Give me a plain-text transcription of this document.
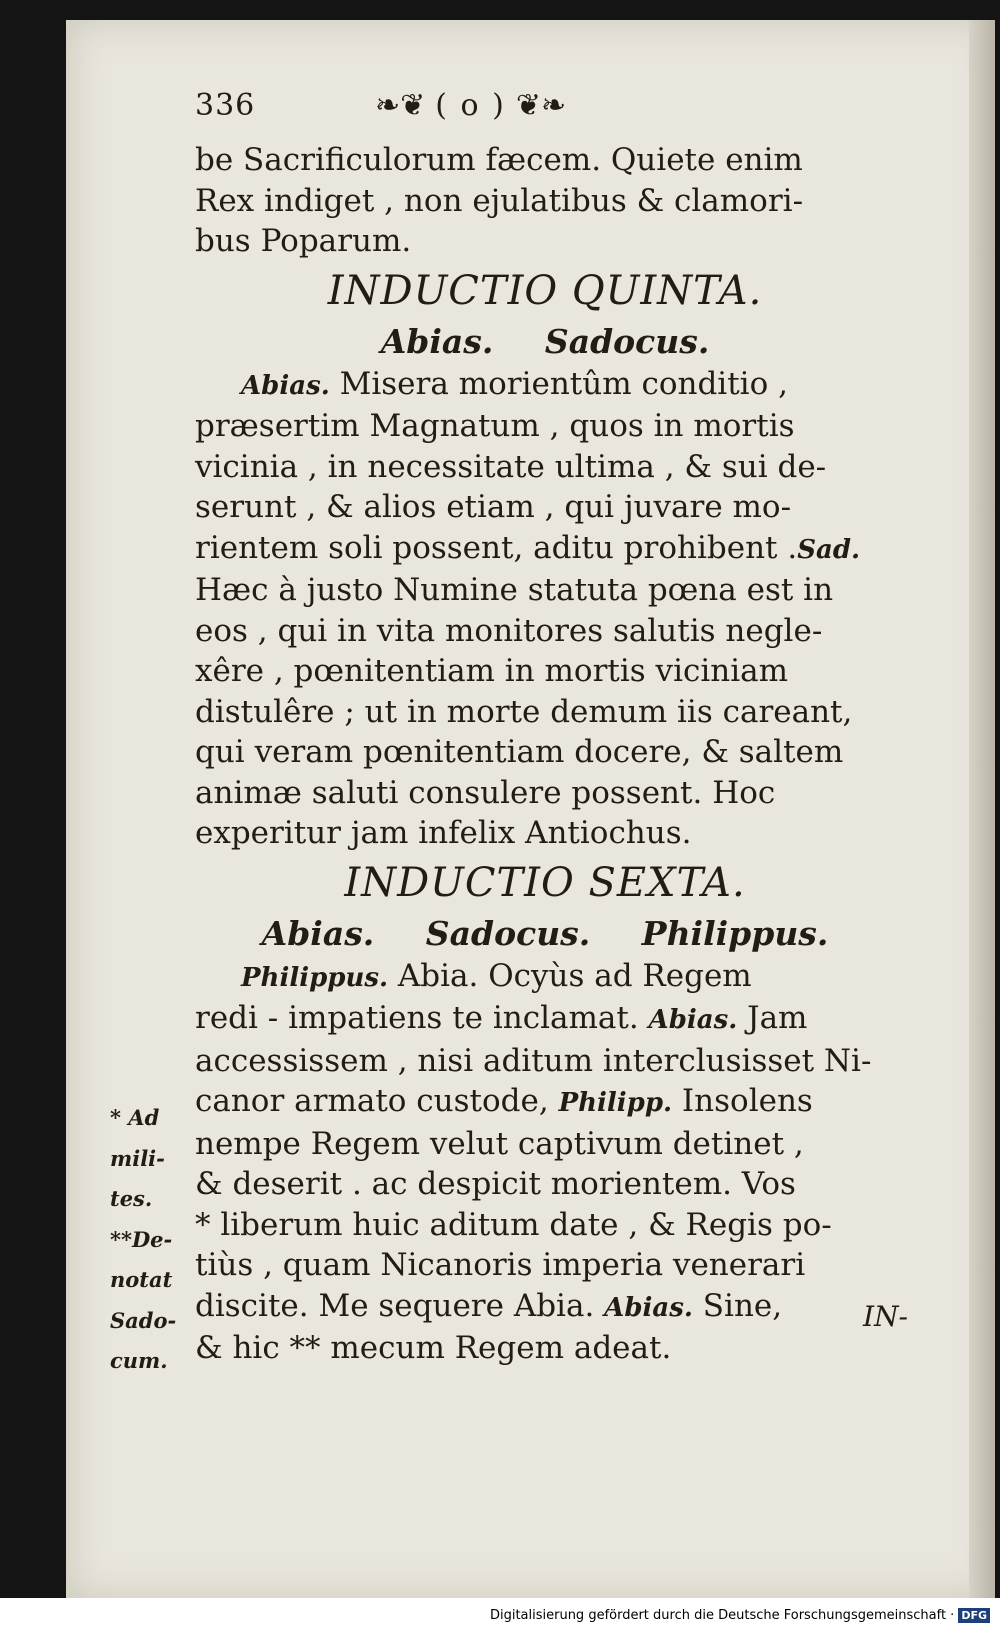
336	❧❦ ( o ) ❦❧
be Sacrificulorum fæcem. Quiete enim
Rex indiget , non ejulatibus & clamori-
bus Poparum.
INDUCTIO QUINTA.
Abias. Sadocus.
Abias. Misera morientûm conditio ,
præsertim Magnatum , quos in mortis
vicinia , in necessitate ultima , & sui de-
serunt , & alios etiam , qui juvare mo-
rientem soli possent, aditu prohibent .Sad.
Hæc à justo Numine statuta pœna est in
eos , qui in vita monitores salutis negle-
xêre , pœnitentiam in mortis viciniam
distulêre ; ut in morte demum iis careant,
qui veram pœnitentiam docere, & saltem
animæ saluti consulere possent. Hoc
experitur jam infelix Antiochus.
INDUCTIO SEXTA.
Abias. Sadocus. Philippus.
Philippus. Abia. Ocyùs ad Regem
redi - impatiens te inclamat. Abias. Jam
accessissem , nisi aditum interclusisset Ni-
canor armato custode, Philipp. Insolens
nempe Regem velut captivum detinet ,
& deserit . ac despicit morientem. Vos
* liberum huic aditum date , & Regis po-
tiùs , quam Nicanoris imperia venerari
discite. Me sequere Abia. Abias. Sine,
& hic ** mecum Regem adeat.
* Ad
mili-
tes.
**De-
notat
Sado-
cum.
IN-
Digitalisierung gefördert durch die Deutsche Forschungsgemeinschaft · DFG
